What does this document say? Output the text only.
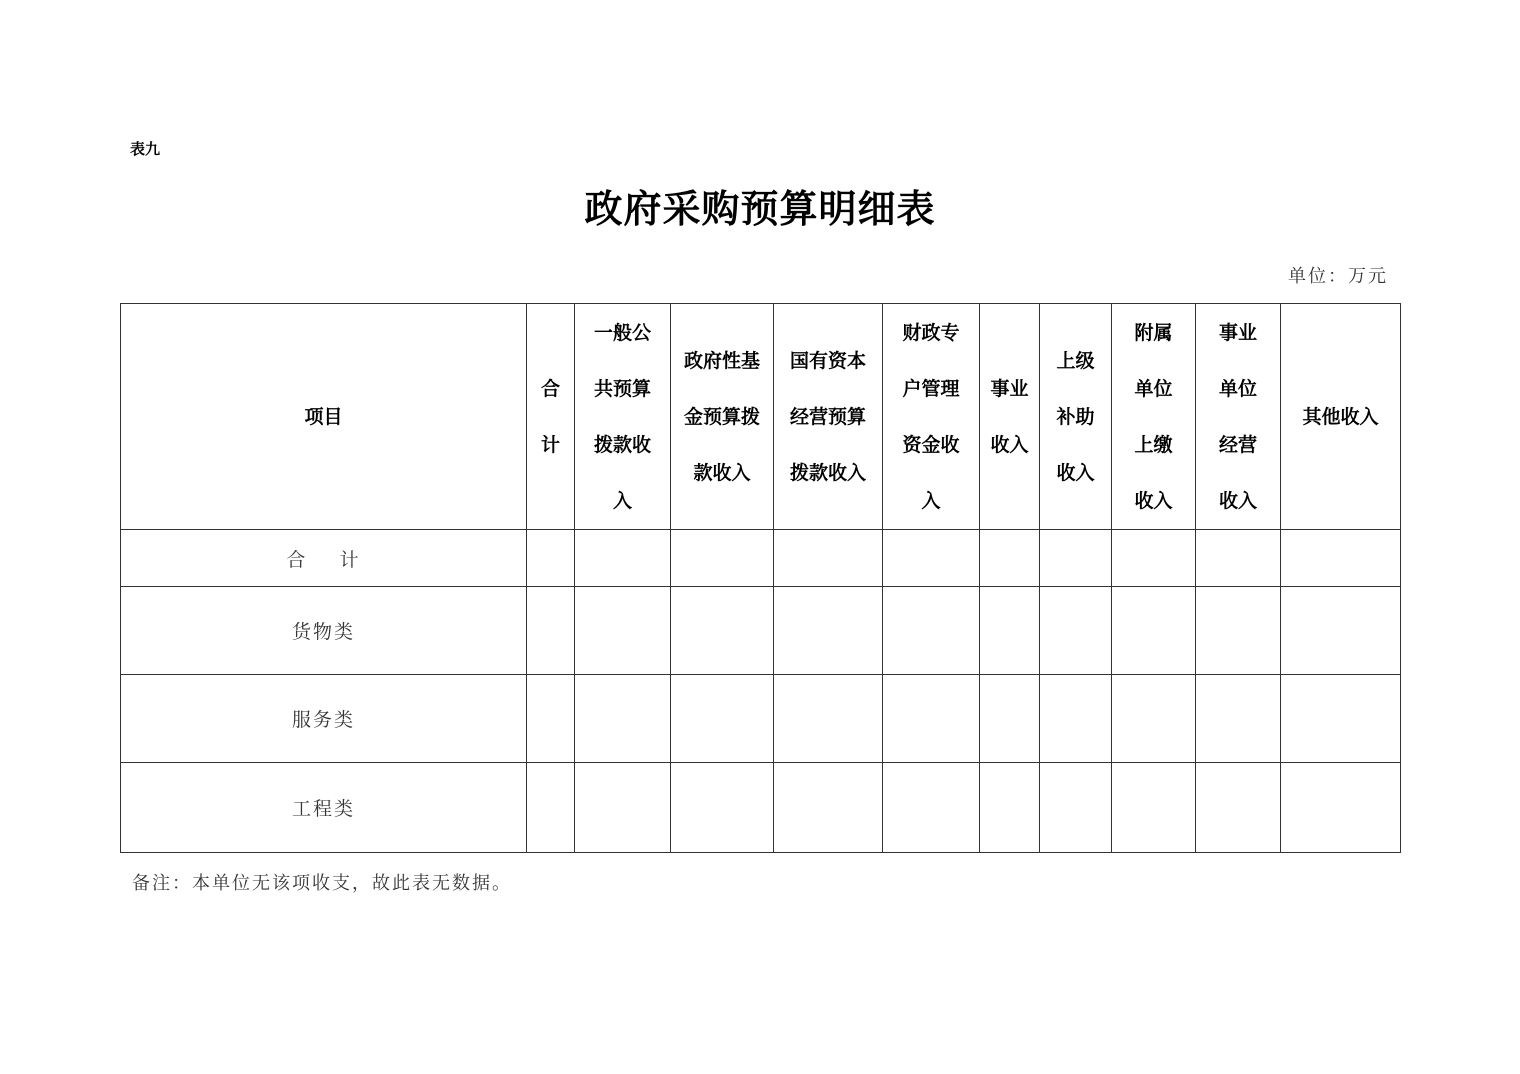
表九
政府采购预算明细表
单位：万元
项目	合计	一般公共预算拨款收入	政府性基金预算拨款收入	国有资本经营预算拨款收入	财政专户管理资金收入	事业收入	上级补助收入	附属单位上缴收入	事业单位经营收入	其他收入
合    计										
货物类										
服务类										
工程类										
备注：本单位无该项收支，故此表无数据。
